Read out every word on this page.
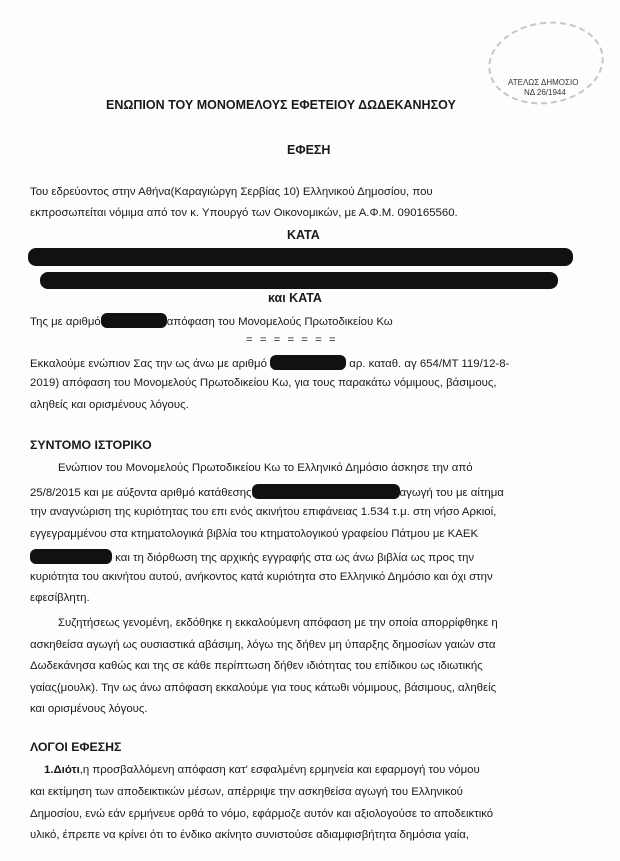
ΑΤΕΛΩΣ ΔΗΜΟΣΙΟ
ΝΔ 26/1944
ΕΝΩΠΙΟΝ ΤΟΥ ΜΟΝΟΜΕΛΟΥΣ ΕΦΕΤΕΙΟΥ ΔΩΔΕΚΑΝΗΣΟΥ
ΕΦΕΣΗ
Του εδρεύοντος στην Αθήνα(Καραγιώργη Σερβίας 10) Ελληνικού Δημοσίου, που
εκπροσωπείται νόμιμα από τον κ. Υπουργό των Οικονομικών, με Α.Φ.Μ. 090165560.
ΚΑΤΑ
και ΚΑΤΑ
Της με αριθμό	απόφαση του Μονομελούς Πρωτοδικείου Κω
= = = = = = =
Εκκαλούμε ενώπιον Σας την ως άνω με αριθμό	αρ. καταθ. αγ 654/ΜΤ 119/12-8-
2019) απόφαση του Μονομελούς Πρωτοδικείου Κω, για τους παρακάτω νόμιμους, βάσιμους,
αληθείς και ορισμένους λόγους.
ΣΥΝΤΟΜΟ ΙΣΤΟΡΙΚΟ
Ενώπιον του Μονομελούς Πρωτοδικείου Κω το Ελληνικό Δημόσιο άσκησε την από
25/8/2015 και με αύξοντα αριθμό κατάθεσης	αγωγή του με αίτημα
την αναγνώριση της κυριότητας του επι ενός ακινήτου επιφάνειας 1.534 τ.μ. στη νήσο Αρκιοί,
εγγεγραμμένου στα κτηματολογικά βιβλία του κτηματολογικού γραφείου Πάτμου με ΚΑΕΚ
και τη διόρθωση της αρχικής εγγραφής στα ως άνω βιβλία ως προς την
κυριότητα του ακινήτου αυτού, ανήκοντος κατά κυριότητα στο Ελληνικό Δημόσιο και όχι στην
εφεσίβλητη.
Συζητήσεως γενομένη, εκδόθηκε η εκκαλούμενη απόφαση με την οποία απορρίφθηκε η
ασκηθείσα αγωγή ως ουσιαστικά αβάσιμη, λόγω της δήθεν μη ύπαρξης δημοσίων γαιών στα
Δωδεκάνησα καθώς και της σε κάθε περίπτωση δήθεν ιδιότητας του επίδικου ως ιδιωτικής
γαίας(μουλκ). Την ως άνω απόφαση εκκαλούμε για τους κάτωθι νόμιμους, βάσιμους, αληθείς
και ορισμένους λόγους.
ΛΟΓΟΙ ΕΦΕΣΗΣ
1.Διότι,η προσβαλλόμενη απόφαση κατ' εσφαλμένη ερμηνεία και εφαρμογή του νόμου
και εκτίμηση των αποδεικτικών μέσων, απέρριψε την ασκηθείσα αγωγή του Ελληνικού
Δημοσίου, ενώ εάν ερμήνευε ορθά το νόμο, εφάρμοζε αυτόν και αξιολογούσε το αποδεικτικό
υλικό, έπρεπε να κρίνει ότι το ένδικο ακίνητο συνιστούσε αδιαμφισβήτητα δημόσια γαία,
